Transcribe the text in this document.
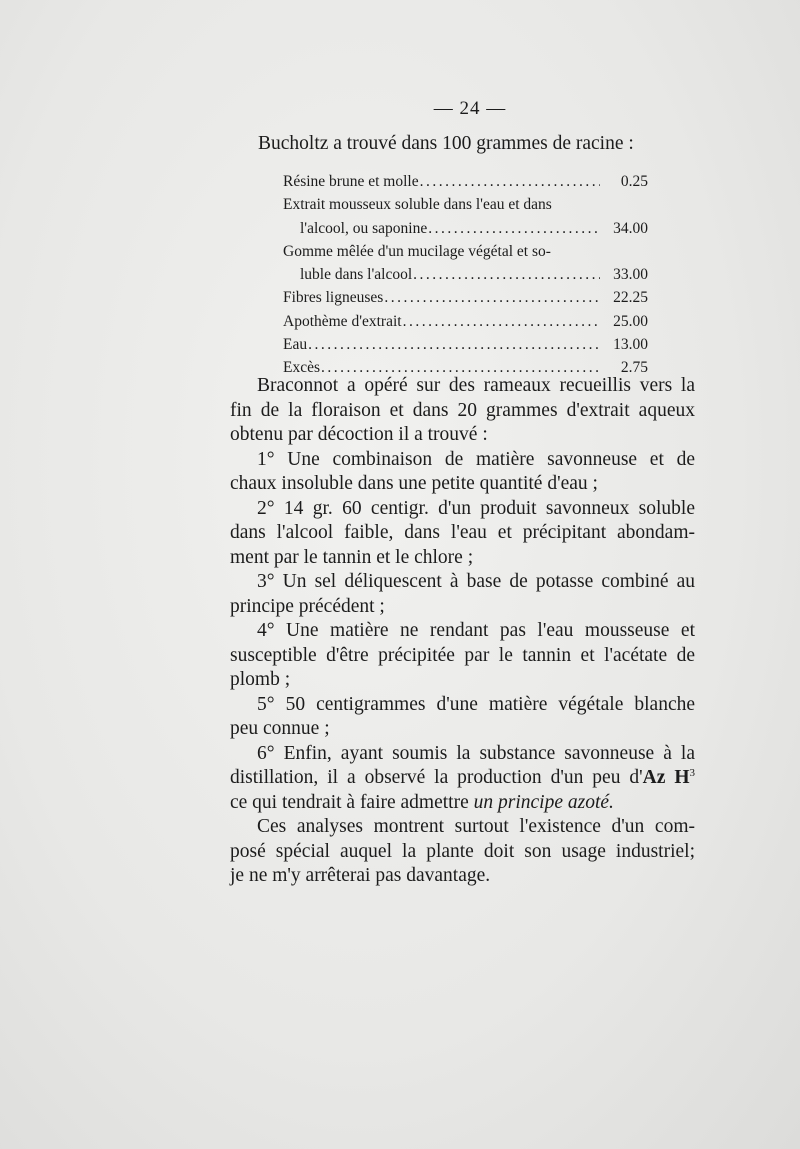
— 24 —
Bucholtz a trouvé dans 100 grammes de racine :
Résine brune et molle .....	0.25
Extrait mousseux soluble dans l'eau et dans
l'alcool, ou saponine .....	34.00
Gomme mêlée d'un mucilage végétal et so-
luble dans l'alcool .....	33.00
Fibres ligneuses .....	22.25
Apothème d'extrait .....	25.00
Eau .....	13.00
Excès .....	2.75

Braconnot a opéré sur des rameaux recueillis vers la
fin de la floraison et dans 20 grammes d'extrait aqueux
obtenu par décoction il a trouvé :

1° Une combinaison de matière savonneuse et de
chaux insoluble dans une petite quantité d'eau ;

2° 14 gr. 60 centigr. d'un produit savonneux soluble
dans l'alcool faible, dans l'eau et précipitant abondam-
ment par le tannin et le chlore ;

3° Un sel déliquescent à base de potasse combiné au
principe précédent ;

4° Une matière ne rendant pas l'eau mousseuse et
susceptible d'être précipitée par le tannin et l'acétate de
plomb ;

5° 50 centigrammes d'une matière végétale blanche
peu connue ;

6° Enfin, ayant soumis la substance savonneuse à la
distillation, il a observé la production d'un peu d'Az $H^3$
ce qui tendrait à faire admettre un principe azoté.

Ces analyses montrent surtout l'existence d'un com-
posé spécial auquel la plante doit son usage industriel;
je ne m'y arrêterai pas davantage.
